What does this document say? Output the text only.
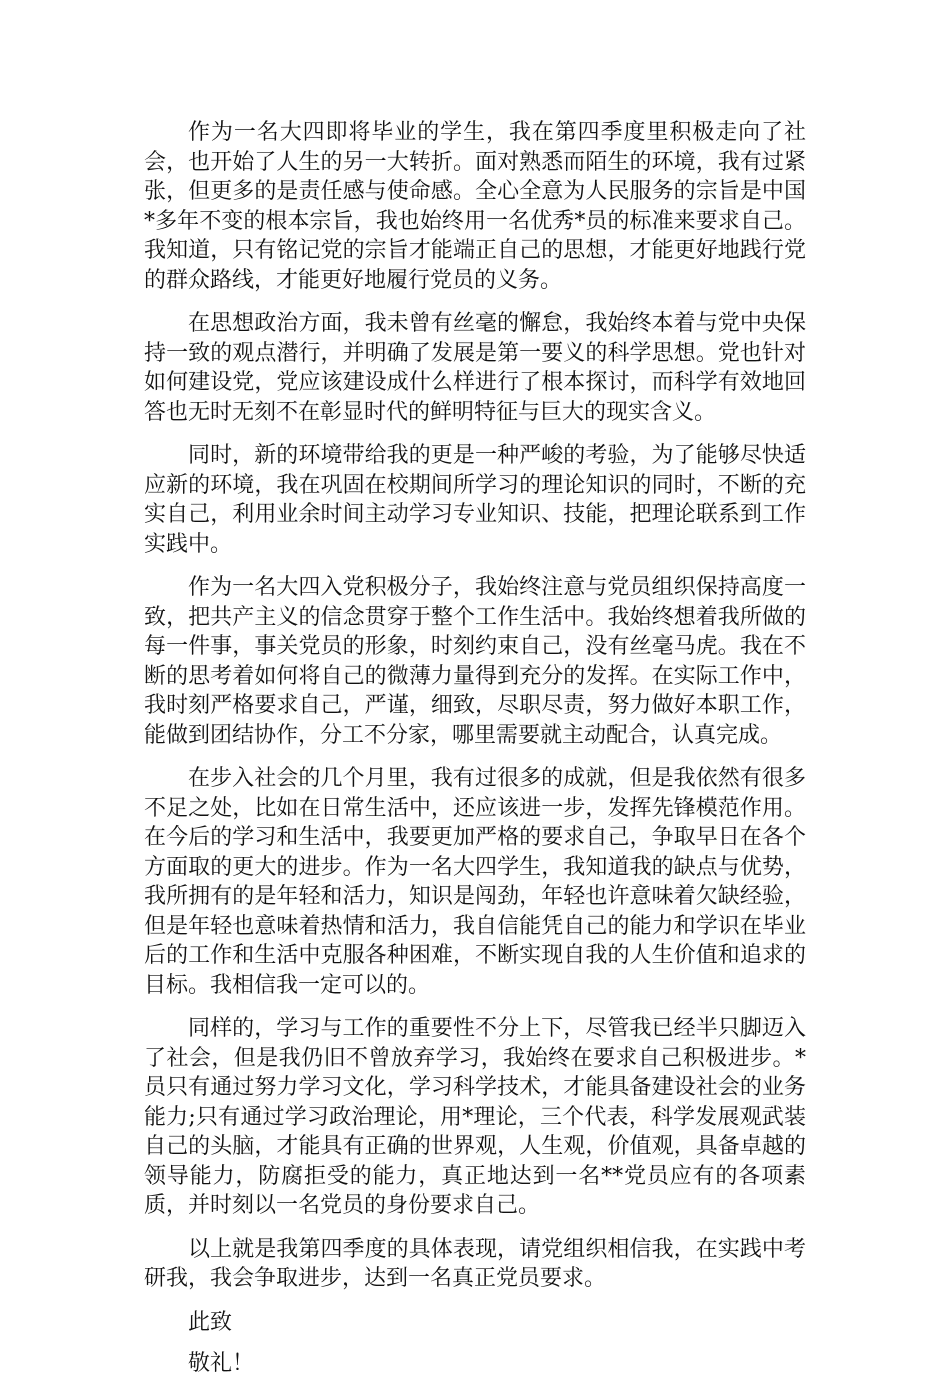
作为一名大四即将毕业的学生，我在第四季度里积极走向了社会，也开始了人生的另一大转折。面对熟悉而陌生的环境，我有过紧张，但更多的是责任感与使命感。全心全意为人民服务的宗旨是中国*多年不变的根本宗旨，我也始终用一名优秀*员的标准来要求自己。我知道，只有铭记党的宗旨才能端正自己的思想，才能更好地践行党的群众路线，才能更好地履行党员的义务。

在思想政治方面，我未曾有丝毫的懈怠，我始终本着与党中央保持一致的观点潜行，并明确了发展是第一要义的科学思想。党也针对如何建设党，党应该建设成什么样进行了根本探讨，而科学有效地回答也无时无刻不在彰显时代的鲜明特征与巨大的现实含义。

同时，新的环境带给我的更是一种严峻的考验，为了能够尽快适应新的环境，我在巩固在校期间所学习的理论知识的同时，不断的充实自己，利用业余时间主动学习专业知识、技能，把理论联系到工作实践中。

作为一名大四入党积极分子，我始终注意与党员组织保持高度一致，把共产主义的信念贯穿于整个工作生活中。我始终想着我所做的每一件事，事关党员的形象，时刻约束自己，没有丝毫马虎。我在不断的思考着如何将自己的微薄力量得到充分的发挥。在实际工作中，我时刻严格要求自己，严谨，细致，尽职尽责，努力做好本职工作，能做到团结协作，分工不分家，哪里需要就主动配合，认真完成。

在步入社会的几个月里，我有过很多的成就，但是我依然有很多不足之处，比如在日常生活中，还应该进一步，发挥先锋模范作用。在今后的学习和生活中，我要更加严格的要求自己，争取早日在各个方面取的更大的进步。作为一名大四学生，我知道我的缺点与优势，我所拥有的是年轻和活力，知识是闯劲，年轻也许意味着欠缺经验，但是年轻也意味着热情和活力，我自信能凭自己的能力和学识在毕业后的工作和生活中克服各种困难，不断实现自我的人生价值和追求的目标。我相信我一定可以的。

同样的，学习与工作的重要性不分上下，尽管我已经半只脚迈入了社会，但是我仍旧不曾放弃学习，我始终在要求自己积极进步。*员只有通过努力学习文化，学习科学技术，才能具备建设社会的业务能力;只有通过学习政治理论，用*理论，三个代表，科学发展观武装自己的头脑，才能具有正确的世界观，人生观，价值观，具备卓越的领导能力，防腐拒受的能力，真正地达到一名**党员应有的各项素质，并时刻以一名党员的身份要求自己。

以上就是我第四季度的具体表现，请党组织相信我，在实践中考研我，我会争取进步，达到一名真正党员要求。

此致

敬礼！
